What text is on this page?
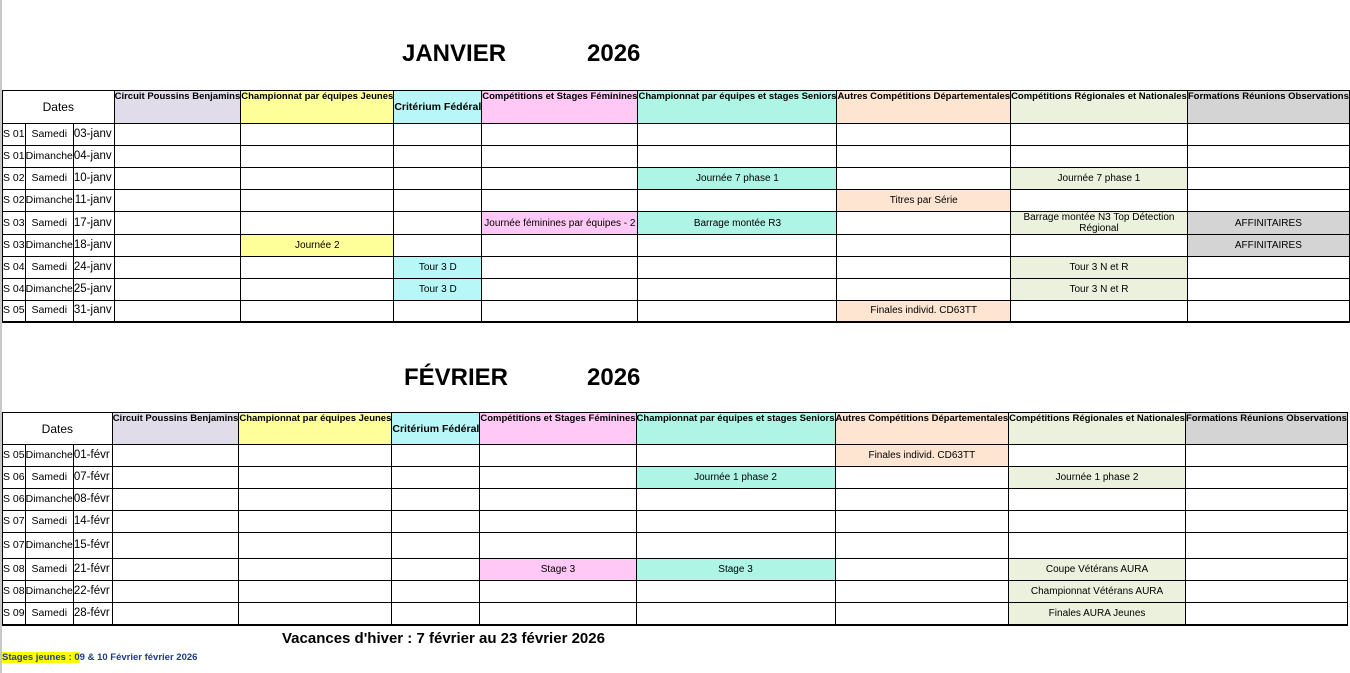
JANVIER	2026
Dates			Circuit Poussins Benjamins	Championnat par équipes Jeunes	Critérium Fédéral	Compétitions et Stages Féminines	Championnat par équipes et stages Seniors	Autres Compétitions Départementales	Compétitions Régionales et Nationales	Formations Réunions Observations
S 01	Samedi	03-janv								
S 01	Dimanche	04-janv								
S 02	Samedi	10-janv					Journée 7 phase 1		Journée 7 phase 1	
S 02	Dimanche	11-janv						Titres par Série		
S 03	Samedi	17-janv				Journée féminines par équipes - 2	Barrage montée R3		Barrage montée N3 Top Détection Régional	AFFINITAIRES
S 03	Dimanche	18-janv		Journée 2						AFFINITAIRES
S 04	Samedi	24-janv			Tour 3 D				Tour 3 N et R	
S 04	Dimanche	25-janv			Tour 3 D				Tour 3 N et R	
S 05	Samedi	31-janv						Finales individ. CD63TT		
FÉVRIER	2026
Dates			Circuit Poussins Benjamins	Championnat par équipes Jeunes	Critérium Fédéral	Compétitions et Stages Féminines	Championnat par équipes et stages Seniors	Autres Compétitions Départementales	Compétitions Régionales et Nationales	Formations Réunions Observations
S 05	Dimanche	01-févr						Finales individ. CD63TT		
S 06	Samedi	07-févr					Journée 1 phase 2		Journée 1 phase 2	
S 06	Dimanche	08-févr								
S 07	Samedi	14-févr								
S 07	Dimanche	15-févr								
S 08	Samedi	21-févr				Stage 3	Stage 3		Coupe Vétérans AURA	
S 08	Dimanche	22-févr							Championnat Vétérans AURA	
S 09	Samedi	28-févr							Finales AURA Jeunes	
Vacances d'hiver : 7 février au 23 février 2026
Stages jeunes : 09 & 10 Février février 2026
